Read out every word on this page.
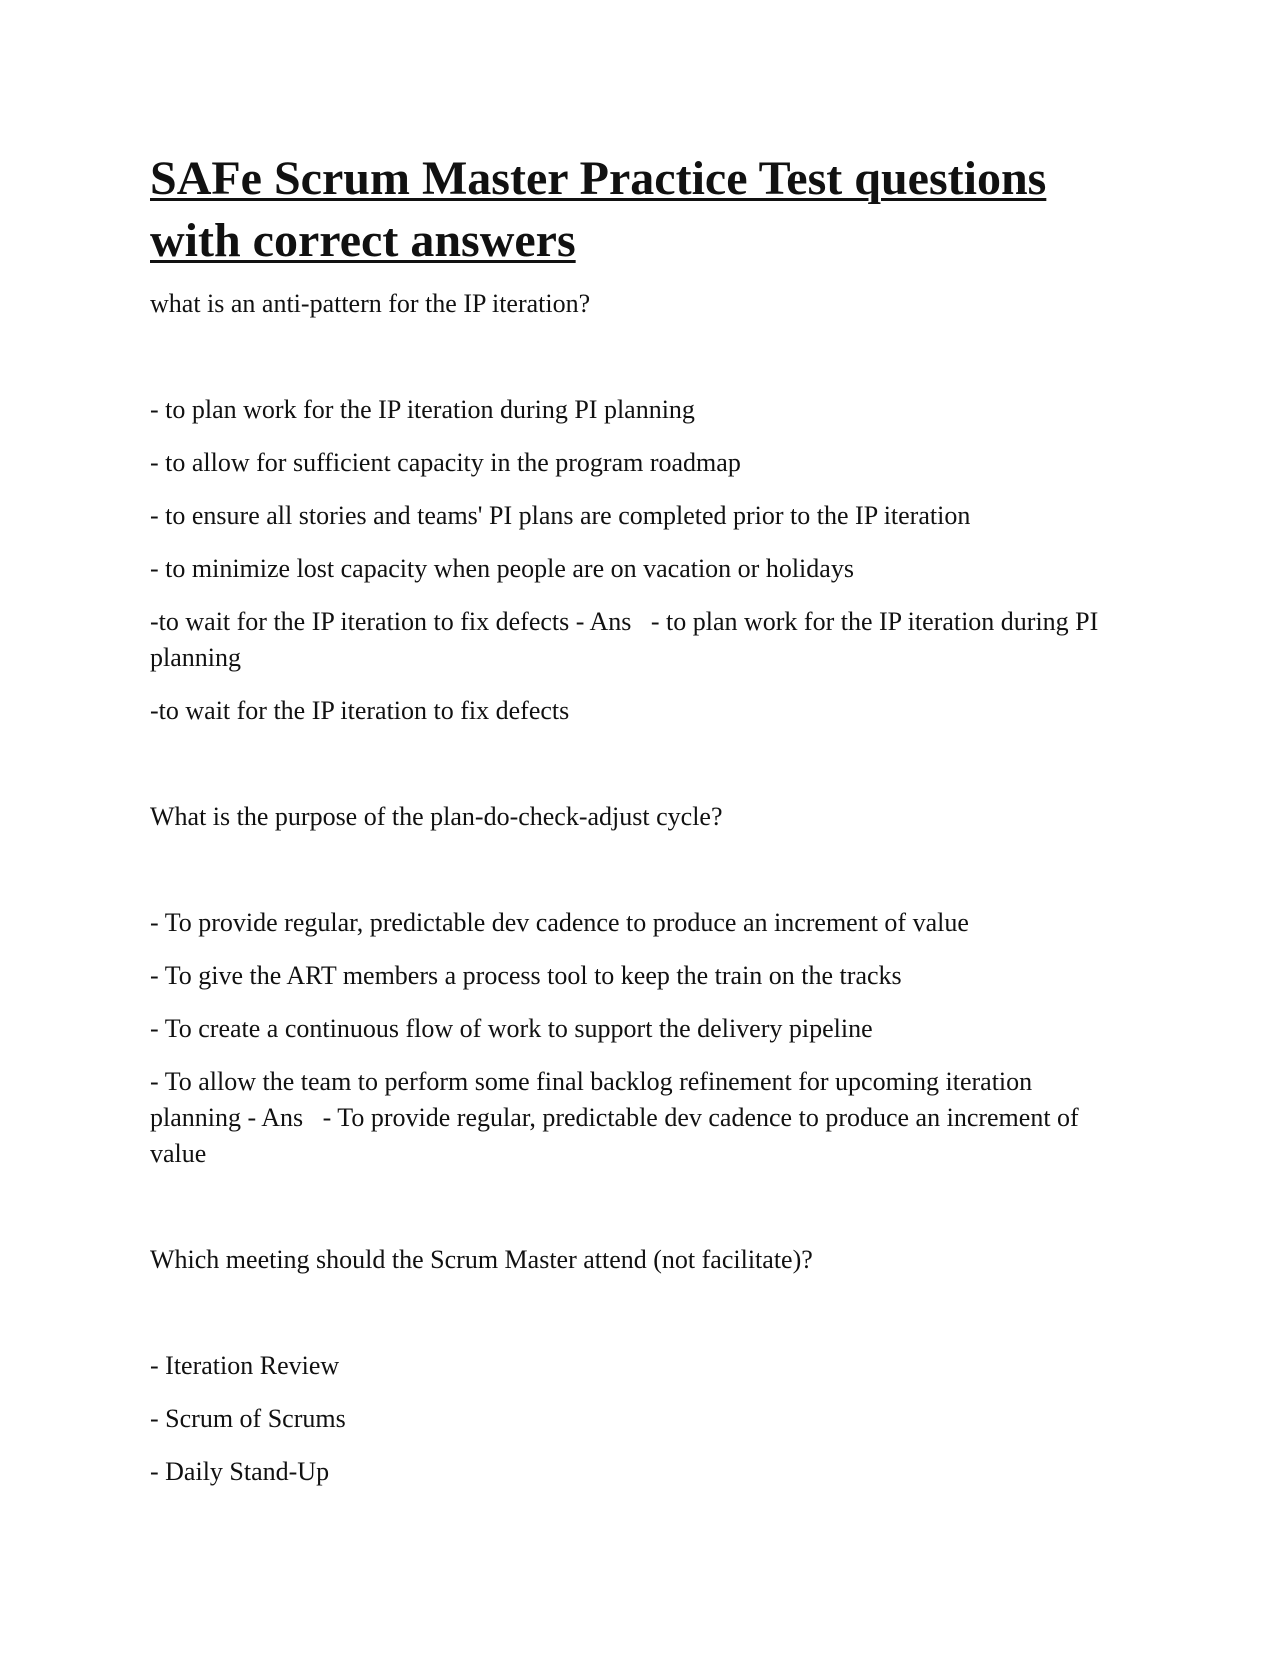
SAFe Scrum Master Practice Test questions with correct answers

what is an anti-pattern for the IP iteration?

- to plan work for the IP iteration during PI planning

- to allow for sufficient capacity in the program roadmap

- to ensure all stories and teams' PI plans are completed prior to the IP iteration

- to minimize lost capacity when people are on vacation or holidays

-to wait for the IP iteration to fix defects - Ans   - to plan work for the IP iteration during PI planning

-to wait for the IP iteration to fix defects

What is the purpose of the plan-do-check-adjust cycle?

- To provide regular, predictable dev cadence to produce an increment of value

- To give the ART members a process tool to keep the train on the tracks

- To create a continuous flow of work to support the delivery pipeline

- To allow the team to perform some final backlog refinement for upcoming iteration planning - Ans   - To provide regular, predictable dev cadence to produce an increment of value

Which meeting should the Scrum Master attend (not facilitate)?

- Iteration Review

- Scrum of Scrums

- Daily Stand-Up
